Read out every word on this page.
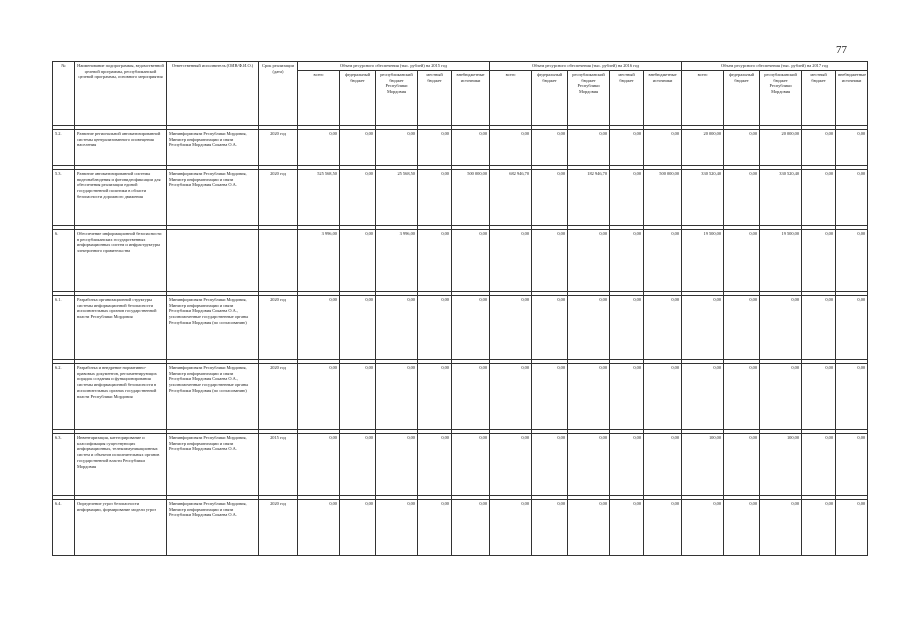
77
№	Наименование подпрограммы, ведомственной целевой программы, республиканской целевой программы, основного мероприятия	Ответственный исполнитель (ОИВ/Ф.И.О.)	Срок реализации (дата)	Объем ресурсного обеспечения (тыс. рублей) на 2015 год					Объем ресурсного обеспечения (тыс. рублей) на 2016 год					Объем ресурсного обеспечения (тыс. рублей) на 2017 год				
				всего	федеральный бюджет	республиканский бюджет Республики Мордовия	местный бюджет	внебюджетные источники	всего	федеральный бюджет	республиканский бюджет Республики Мордовия	местный бюджет	внебюджетные источники	всего	федеральный бюджет	республиканский бюджет Республики Мордовия	местный бюджет	внебюджетные источники

5.2.	Развитие региональной автоматизированной системы централизованного оповещения населения	Мининформсвязи Республики Мордовия, Министр информатизации и связи Республики Мордовия Сокаева О.А.	2020 год	0,00	0,00	0,00	0,00	0,00	0,00	0,00	0,00	0,00	0,00	20 000,00	0,00	20 000,00	0,00	0,00

5.3.	Развитие автоматизированной системы видеонаблюдения и фотовидеофиксации для обеспечения реализации единой государственной политики в области безопасности дорожного движения	Мининформсвязи Республики Мордовия, Министр информатизации и связи Республики Мордовия Сокаева О.А.	2020 год	525 568,50	0,00	25 568,50	0,00	500 000,00	682 946,70	0,00	182 946,70	0,00	500 000,00	330 520,40	0,00	330 520,40	0,00	0,00

6.	Обеспечение информационной безопасности в республиканских государственных информационных систем и инфраструктуры электронного правительства			3 996,00	0,00	3 996,00	0,00	0,00	0,00	0,00	0,00	0,00	0,00	19 500,00	0,00	19 500,00	0,00	0,00

6.1.	Разработка организационной структуры системы информационной безопасности исполнительных органов государственной власти Республики Мордовия	Мининформсвязи Республики Мордовия, Министр информатизации и связи Республики Мордовия Сокаева О.А., уполномоченные государственные органы Республики Мордовия (по согласованию)	2020 год	0,00	0,00	0,00	0,00	0,00	0,00	0,00	0,00	0,00	0,00	0,00	0,00	0,00	0,00	0,00

6.2.	Разработка и внедрение нормативно-правовых документов, регламентирующих порядок создания и функционирования системы информационной безопасности в исполнительных органах государственной власти Республики Мордовия	Мининформсвязи Республики Мордовия, Министр информатизации и связи Республики Мордовия Сокаева О.А., уполномоченные государственные органы Республики Мордовия (по согласованию)	2020 год	0,00	0,00	0,00	0,00	0,00	0,00	0,00	0,00	0,00	0,00	0,00	0,00	0,00	0,00	0,00

6.3.	Инвентаризация, категорирование и классификация существующих информационных, телекоммуникационных систем и объектов исполнительных органов государственной власти Республики Мордовия	Мининформсвязи Республики Мордовия, Министр информатизации и связи Республики Мордовия Сокаева О.А.	2015 год	0,00	0,00	0,00	0,00	0,00	0,00	0,00	0,00	0,00	0,00	100,00	0,00	100,00	0,00	0,00

6.4.	Определение угроз безопасности информации, формирование модели угроз	Мининформсвязи Республики Мордовия, Министр информатизации и связи Республики Мордовия Сокаева О.А.	2020 год	0,00	0,00	0,00	0,00	0,00	0,00	0,00	0,00	0,00	0,00	0,00	0,00	0,00	0,00	0,00
